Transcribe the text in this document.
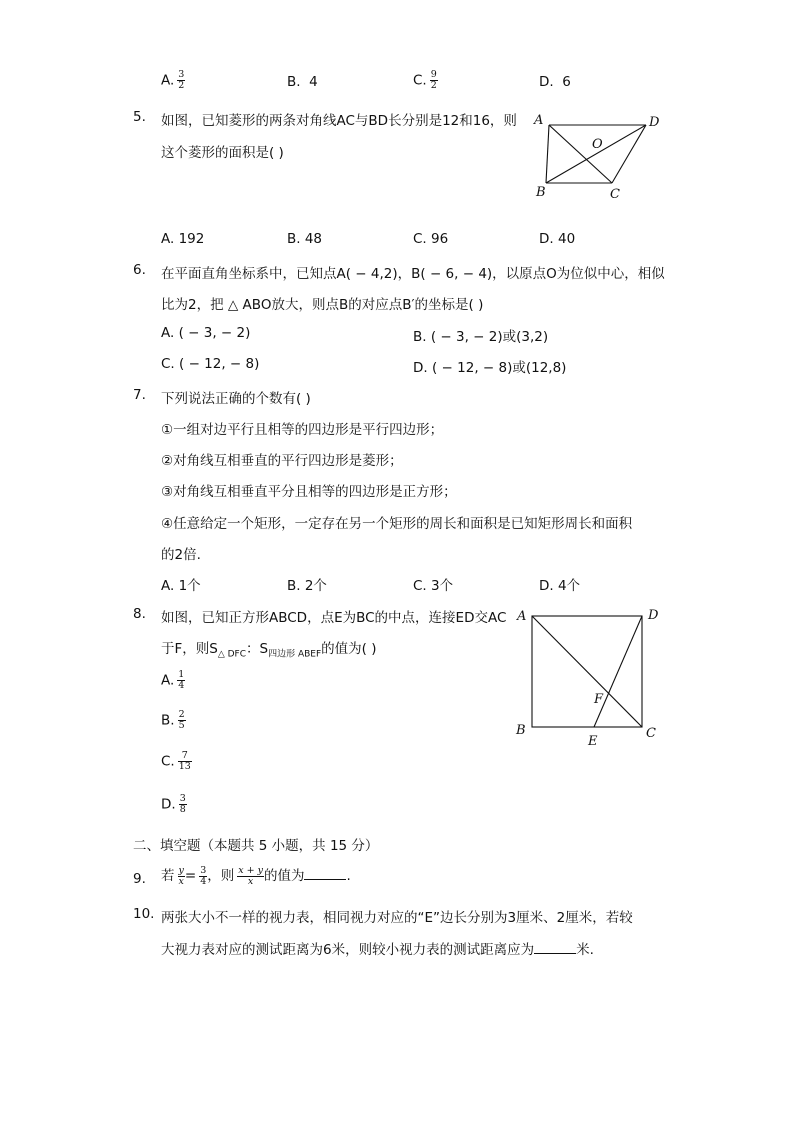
A. $\frac{3}{2}$	B. 4	C. $\frac{9}{2}$	D. 6
5. 如图，已知菱形的两条对角线AC与BD长分别是12和16，则
这个菱形的面积是( )
A	D
O
B	C
A. 192	B. 48	C. 96	D. 40
6. 在平面直角坐标系中，已知点A( − 4,2)，B( − 6, − 4)，以原点O为位似中心，相似
比为2，把 △ ABO放大，则点B的对应点B′的坐标是( )
A. ( − 3, − 2)	B. ( − 3, − 2)或(3,2)
C. ( − 12, − 8)	D. ( − 12, − 8)或(12,8)
7. 下列说法正确的个数有( )
①一组对边平行且相等的四边形是平行四边形；
②对角线互相垂直的平行四边形是菱形；
③对角线互相垂直平分且相等的四边形是正方形；
④任意给定一个矩形，一定存在另一个矩形的周长和面积是已知矩形周长和面积
的2倍.
A. 1个	B. 2个	C. 3个	D. 4个
8. 如图，已知正方形ABCD，点E为BC的中点，连接ED交AC
于F，则$S_{\triangle DFC}$：$S_{四边形 ABEF}$的值为( )
A. $\frac{1}{4}$
B. $\frac{2}{5}$
C. $\frac{7}{13}$
D. $\frac{3}{8}$
A	D
B	C
E
F
二、填空题（本题共 5 小题，共 15 分）
9. 若 $\frac{y}{x} = \frac{3}{4}$ ，则 $\frac{x + y}{x}$ 的值为	.
10. 两张大小不一样的视力表，相同视力对应的“E”边长分别为3厘米、2厘米，若较
大视力表对应的测试距离为6米，则较小视力表的测试距离应为	米.
